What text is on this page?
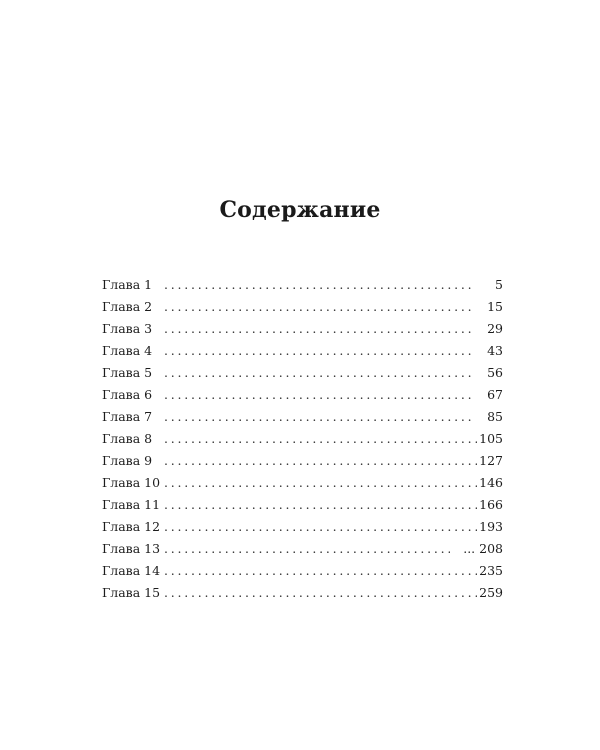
Содержание
Глава 1 . . .	5
Глава 2 . . .	15
Глава 3 . . .	29
Глава 4 . . .	43
Глава 5 . . .	56
Глава 6 . . .	67
Глава 7 . . .	85
Глава 8 . . .	105
Глава 9 . . .	127
Глава 10 . . .	146
Глава 11 . . .	166
Глава 12 . . .	193
Глава 13 . . .	... 208
Глава 14 . . .	235
Глава 15 . . .	259
